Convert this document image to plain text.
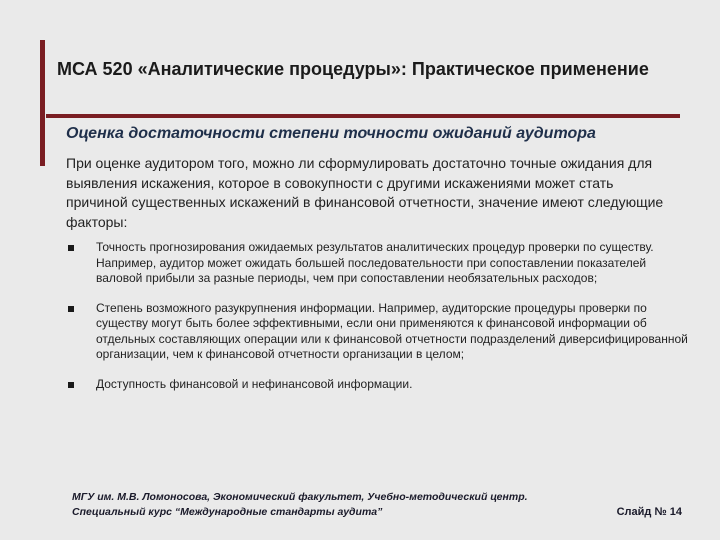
МСА 520 «Аналитические процедуры»: Практическое применение
Оценка достаточности степени точности ожиданий аудитора
При оценке аудитором того, можно ли сформулировать достаточно точные ожидания для выявления искажения, которое в совокупности с другими искажениями может стать причиной существенных искажений в финансовой отчетности, значение имеют следующие факторы:
Точность прогнозирования ожидаемых результатов аналитических процедур проверки по существу. Например, аудитор может ожидать большей последовательности при сопоставлении показателей валовой прибыли за разные периоды, чем при сопоставлении необязательных расходов;
Степень возможного разукрупнения информации. Например, аудиторские процедуры проверки по существу могут быть более эффективными, если они применяются к финансовой информации об отдельных составляющих операции или к финансовой отчетности подразделений диверсифицированной организации, чем к финансовой отчетности организации в целом;
Доступность финансовой и нефинансовой информации.
МГУ им. М.В. Ломоносова, Экономический факультет, Учебно-методический центр. Специальный курс “Международные стандарты аудита”	Слайд № 14
